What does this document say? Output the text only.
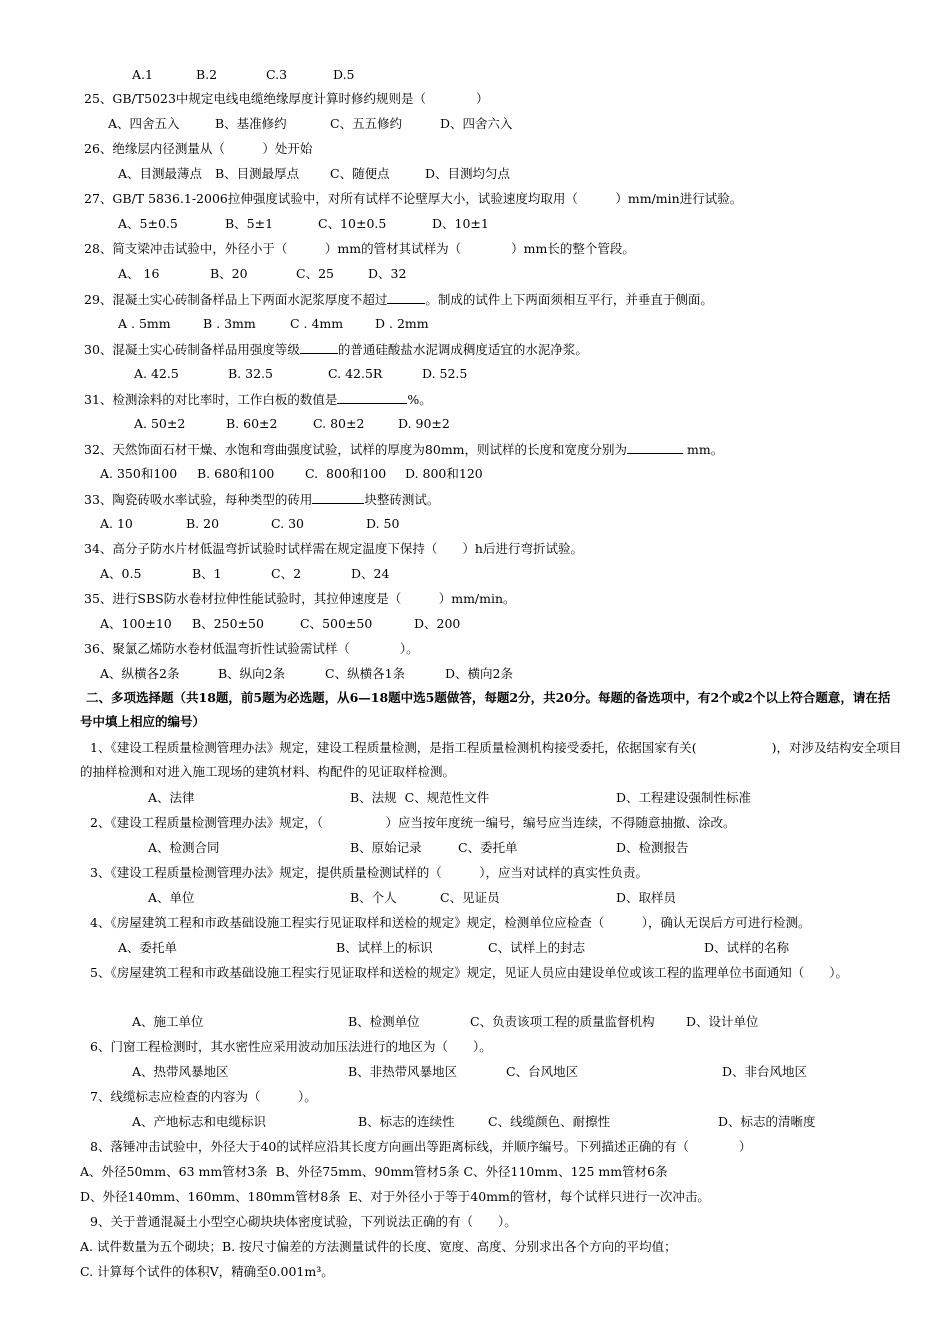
A.1	B.2	C.3	D.5
25、GB/T5023中规定电线电缆绝缘厚度计算时修约规则是（　　　　）
A、四舍五入	B、基准修约	C、五五修约	D、四舍六入
26、绝缘层内径测量从（　　　）处开始
A、目测最薄点 B、目测最厚点 C、随便点	D、目测均匀点
27、GB/T 5836.1-2006拉伸强度试验中，对所有试样不论壁厚大小，试验速度均取用（　　　）mm/min进行试验。
A、5±0.5	B、5±1	C、10±0.5	D、10±1
28、简支梁冲击试验中，外径小于（　　　）mm的管材其试样为（　　　　）mm长的整个管段。
A、 16	B、20	C、25	D、32
29、混凝土实心砖制备样品上下两面水泥浆厚度不超过	。制成的试件上下两面须相互平行，并垂直于侧面。
A . 5mm	B . 3mm	C . 4mm	D . 2mm
30、混凝土实心砖制备样品用强度等级	的普通硅酸盐水泥调成稠度适宜的水泥净浆。
A. 42.5	B. 32.5	C. 42.5R	D. 52.5
31、检测涂料的对比率时，工作白板的数值是	%。
A. 50±2	B. 60±2	C. 80±2	D. 90±2
32、天然饰面石材干燥、水饱和弯曲强度试验，试样的厚度为80mm，则试样的长度和宽度分别为	mm。
A. 350和100 B. 680和100 C.  800和100 D. 800和120
33、陶瓷砖吸水率试验，每种类型的砖用	块整砖测试。
A. 10	B. 20	C. 30	D. 50
34、高分子防水片材低温弯折试验时试样需在规定温度下保持（　　）h后进行弯折试验。
A、0.5	B、1	C、2	D、24
35、进行SBS防水卷材拉伸性能试验时，其拉伸速度是（　　　）mm/min。
A、100±10 B、250±50	C、500±50	D、200
36、聚氯乙烯防水卷材低温弯折性试验需试样（　　　　）。
A、纵横各2条	B、纵向2条	C、纵横各1条	D、横向2条
二、多项选择题（共18题，前5题为必选题，从6—18题中选5题做答，每题2分，共20分。每题的备选项中，有2个或2个以上符合题意，请在括号中填上相应的编号）
1、《建设工程质量检测管理办法》规定，建设工程质量检测，是指工程质量检测机构接受委托，依据国家有关(　　　　　　)，对涉及结构安全项目的抽样检测和对进入施工现场的建筑材料、构配件的见证取样检测。
A、法律	B、法规  C、规范性文件	D、工程建设强制性标准
2、《建设工程质量检测管理办法》规定，（　　　　　）应当按年度统一编号，编号应当连续，不得随意抽撤、涂改。
A、检测合同	B、原始记录	C、委托单	D、检测报告
3、《建设工程质量检测管理办法》规定，提供质量检测试样的（　　　），应当对试样的真实性负责。
A、单位	B、个人	C、见证员	D、取样员
4、《房屋建筑工程和市政基础设施工程实行见证取样和送检的规定》规定，检测单位应检查（　　　），确认无误后方可进行检测。
A、委托单	B、试样上的标识	C、试样上的封志	D、试样的名称
5、《房屋建筑工程和市政基础设施工程实行见证取样和送检的规定》规定，见证人员应由建设单位或该工程的监理单位书面通知（　　）。
A、施工单位	B、检测单位	C、负责该项工程的质量监督机构	D、设计单位
6、门窗工程检测时，其水密性应采用波动加压法进行的地区为（　　）。
A、热带风暴地区	B、非热带风暴地区	C、台风地区	D、非台风地区
7、线缆标志应检查的内容为（　　　）。
A、产地标志和电缆标识	B、标志的连续性	C、线缆颜色、耐擦性	D、标志的清晰度
8、落锤冲击试验中，外径大于40的试样应沿其长度方向画出等距离标线，并顺序编号。下列描述正确的有（　　　　）
A、外径50mm、63 mm管材3条  B、外径75mm、90mm管材5条 C、外径110mm、125 mm管材6条
D、外径140mm、160mm、180mm管材8条  E、对于外径小于等于40mm的管材，每个试样只进行一次冲击。
9、关于普通混凝土小型空心砌块块体密度试验，下列说法正确的有（　　）。
A. 试件数量为五个砌块；B. 按尺寸偏差的方法测量试件的长度、宽度、高度、分别求出各个方向的平均值；
C. 计算每个试件的体积V，精确至0.001m³。
